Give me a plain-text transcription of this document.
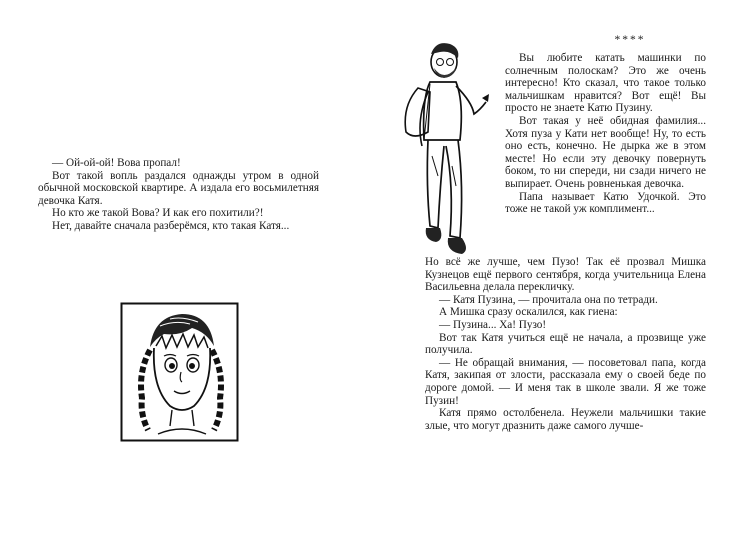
— Ой-ой-ой! Вова пропал!

Вот такой вопль раздался однажды утром в одной обычной московской квартире. А издала его восьмилетняя девочка Катя.

Но кто же такой Вова? И как его похитили?!

Нет, давайте сначала разберёмся, кто такая Катя...

****

Вы любите катать машинки по солнечным полоскам? Это же очень интересно! Кто сказал, что такое только мальчишкам нравится? Вот ещё! Вы просто не знаете Катю Пузину.

Вот такая у неё обидная фамилия... Хотя пуза у Кати нет вообще! Ну, то есть оно есть, конечно. Не дырка же в этом месте! Но если эту девочку повернуть боком, то ни спереди, ни сзади ничего не выпирает. Очень ровненькая девочка.

Папа называет Катю Удочкой. Это тоже не такой уж комплимент...

Но всё же лучше, чем Пузо! Так её прозвал Мишка Кузнецов ещё первого сентября, когда учительница Елена Васильевна делала перекличку.

— Катя Пузина, — прочитала она по тетради.

А Мишка сразу оскалился, как гиена:

— Пузина... Ха! Пузо!

Вот так Катя учиться ещё не начала, а прозвище уже получила.

— Не обращай внимания, — посоветовал папа, когда Катя, закипая от злости, рассказала ему о своей беде по дороге домой. — И меня так в школе звали. Я же тоже Пузин!

Катя прямо остолбенела. Неужели мальчишки такие злые, что могут дразнить даже самого лучше-
